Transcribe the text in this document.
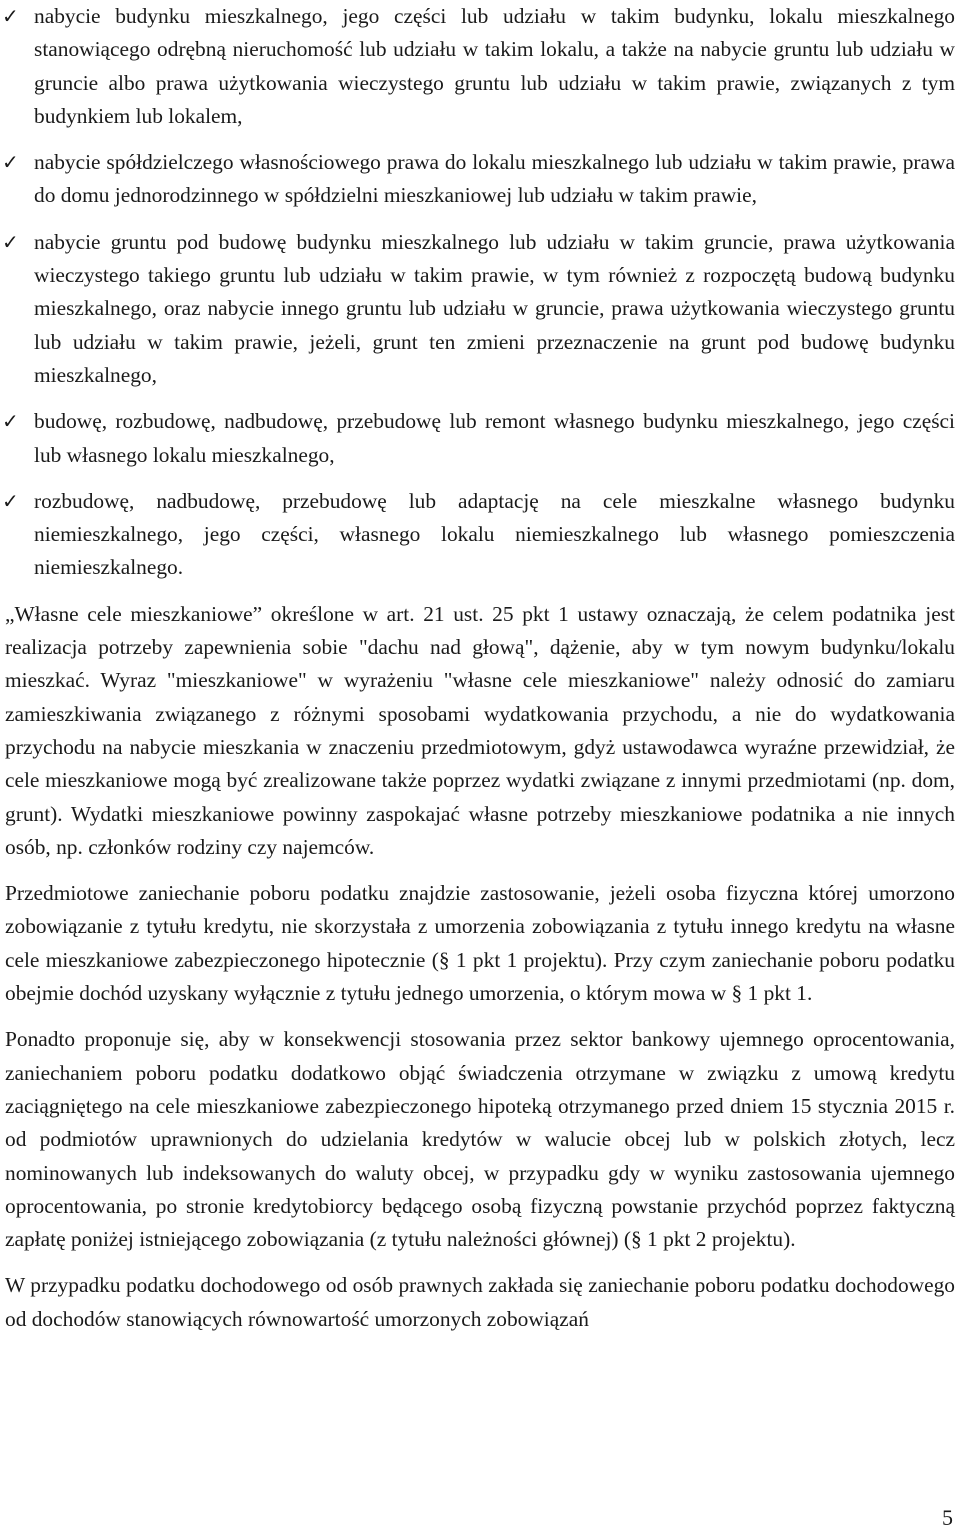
✓ nabycie budynku mieszkalnego, jego części lub udziału w takim budynku, lokalu mieszkalnego stanowiącego odrębną nieruchomość lub udziału w takim lokalu, a także na nabycie gruntu lub udziału w gruncie albo prawa użytkowania wieczystego gruntu lub udziału w takim prawie, związanych z tym budynkiem lub lokalem,
✓ nabycie spółdzielczego własnościowego prawa do lokalu mieszkalnego lub udziału w takim prawie, prawa do domu jednorodzinnego w spółdzielni mieszkaniowej lub udziału w takim prawie,
✓ nabycie gruntu pod budowę budynku mieszkalnego lub udziału w takim gruncie, prawa użytkowania wieczystego takiego gruntu lub udziału w takim prawie, w tym również z rozpoczętą budową budynku mieszkalnego, oraz nabycie innego gruntu lub udziału w gruncie, prawa użytkowania wieczystego gruntu lub udziału w takim prawie, jeżeli, grunt ten zmieni przeznaczenie na grunt pod budowę budynku mieszkalnego,
✓ budowę, rozbudowę, nadbudowę, przebudowę lub remont własnego budynku mieszkalnego, jego części lub własnego lokalu mieszkalnego,
✓ rozbudowę, nadbudowę, przebudowę lub adaptację na cele mieszkalne własnego budynku niemieszkalnego, jego części, własnego lokalu niemieszkalnego lub własnego pomieszczenia niemieszkalnego.

„Własne cele mieszkaniowe” określone w art. 21 ust. 25 pkt 1 ustawy oznaczają, że celem podatnika jest realizacja potrzeby zapewnienia sobie "dachu nad głową", dążenie, aby w tym nowym budynku/lokalu mieszkać. Wyraz "mieszkaniowe" w wyrażeniu "własne cele mieszkaniowe" należy odnosić do zamiaru zamieszkiwania związanego z różnymi sposobami wydatkowania przychodu, a nie do wydatkowania przychodu na nabycie mieszkania w znaczeniu przedmiotowym, gdyż ustawodawca wyraźne przewidział, że cele mieszkaniowe mogą być zrealizowane także poprzez wydatki związane z innymi przedmiotami (np. dom, grunt). Wydatki mieszkaniowe powinny zaspokajać własne potrzeby mieszkaniowe podatnika a nie innych osób, np. członków rodziny czy najemców.

Przedmiotowe zaniechanie poboru podatku znajdzie zastosowanie, jeżeli osoba fizyczna której umorzono zobowiązanie z tytułu kredytu, nie skorzystała z umorzenia zobowiązania z tytułu innego kredytu na własne cele mieszkaniowe zabezpieczonego hipotecznie (§ 1 pkt 1 projektu). Przy czym zaniechanie poboru podatku obejmie dochód uzyskany wyłącznie z tytułu jednego umorzenia, o którym mowa w § 1 pkt 1.

Ponadto proponuje się, aby w konsekwencji stosowania przez sektor bankowy ujemnego oprocentowania, zaniechaniem poboru podatku dodatkowo objąć świadczenia otrzymane w związku z umową kredytu zaciągniętego na cele mieszkaniowe zabezpieczonego hipoteką otrzymanego przed dniem 15 stycznia 2015 r. od podmiotów uprawnionych do udzielania kredytów w walucie obcej lub w polskich złotych, lecz nominowanych lub indeksowanych do waluty obcej, w przypadku gdy w wyniku zastosowania ujemnego oprocentowania, po stronie kredytobiorcy będącego osobą fizyczną powstanie przychód poprzez faktyczną zapłatę poniżej istniejącego zobowiązania (z tytułu należności głównej) (§ 1 pkt 2 projektu).

W przypadku podatku dochodowego od osób prawnych zakłada się zaniechanie poboru podatku dochodowego od dochodów stanowiących równowartość umorzonych zobowiązań

5
